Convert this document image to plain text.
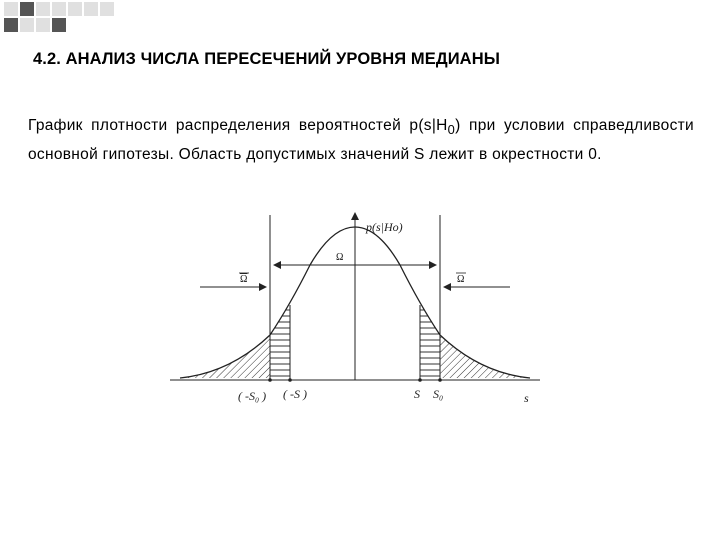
4.2. АНАЛИЗ ЧИСЛА ПЕРЕСЕЧЕНИЙ УРОВНЯ МЕДИАНЫ
График плотности распределения вероятностей $p(s|H_0)$ при условии справедливости основной гипотезы. Область допустимых значений S лежит в окрестности 0.
p(s|Ho)
Ω
Ω	Ω
( -S₀ ) ( -S )	S S₀	s
